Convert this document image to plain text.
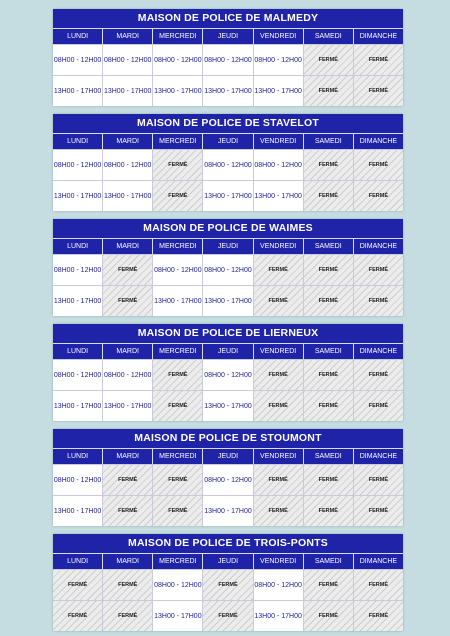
MAISON DE POLICE DE MALMEDY
LUNDI	MARDI	MERCREDI	JEUDI	VENDREDI	SAMEDI	DIMANCHE
08H00 - 12H00 08H00 - 12H00 08H00 - 12H00 08H00 - 12H00 08H00 - 12H00	FERMÉ	FERMÉ
13H00 - 17H00 13H00 - 17H00 13H00 - 17H00 13H00 - 17H00 13H00 - 17H00	FERMÉ	FERMÉ
MAISON DE POLICE DE STAVELOT
LUNDI	MARDI	MERCREDI	JEUDI	VENDREDI	SAMEDI	DIMANCHE
08H00 - 12H00 08H00 - 12H00	FERMÉ	08H00 - 12H00 08H00 - 12H00	FERMÉ	FERMÉ
13H00 - 17H00 13H00 - 17H00	FERMÉ	13H00 - 17H00 13H00 - 17H00	FERMÉ	FERMÉ
MAISON DE POLICE DE WAIMES
LUNDI	MARDI	MERCREDI	JEUDI	VENDREDI	SAMEDI	DIMANCHE
08H00 - 12H00	FERMÉ	08H00 - 12H00 08H00 - 12H00	FERMÉ	FERMÉ	FERMÉ
13H00 - 17H00	FERMÉ	13H00 - 17H00 13H00 - 17H00	FERMÉ	FERMÉ	FERMÉ
MAISON DE POLICE DE LIERNEUX
LUNDI	MARDI	MERCREDI	JEUDI	VENDREDI	SAMEDI	DIMANCHE
08H00 - 12H00 08H00 - 12H00	FERMÉ	08H00 - 12H00	FERMÉ	FERMÉ	FERMÉ
13H00 - 17H00 13H00 - 17H00	FERMÉ	13H00 - 17H00	FERMÉ	FERMÉ	FERMÉ
MAISON DE POLICE DE STOUMONT
LUNDI	MARDI	MERCREDI	JEUDI	VENDREDI	SAMEDI	DIMANCHE
08H00 - 12H00	FERMÉ	FERMÉ	08H00 - 12H00	FERMÉ	FERMÉ	FERMÉ
13H00 - 17H00	FERMÉ	FERMÉ	13H00 - 17H00	FERMÉ	FERMÉ	FERMÉ
MAISON DE POLICE DE TROIS-PONTS
LUNDI	MARDI	MERCREDI	JEUDI	VENDREDI	SAMEDI	DIMANCHE
FERMÉ	FERMÉ	08H00 - 12H00	FERMÉ	08H00 - 12H00	FERMÉ	FERMÉ
FERMÉ	FERMÉ	13H00 - 17H00	FERMÉ	13H00 - 17H00	FERMÉ	FERMÉ
